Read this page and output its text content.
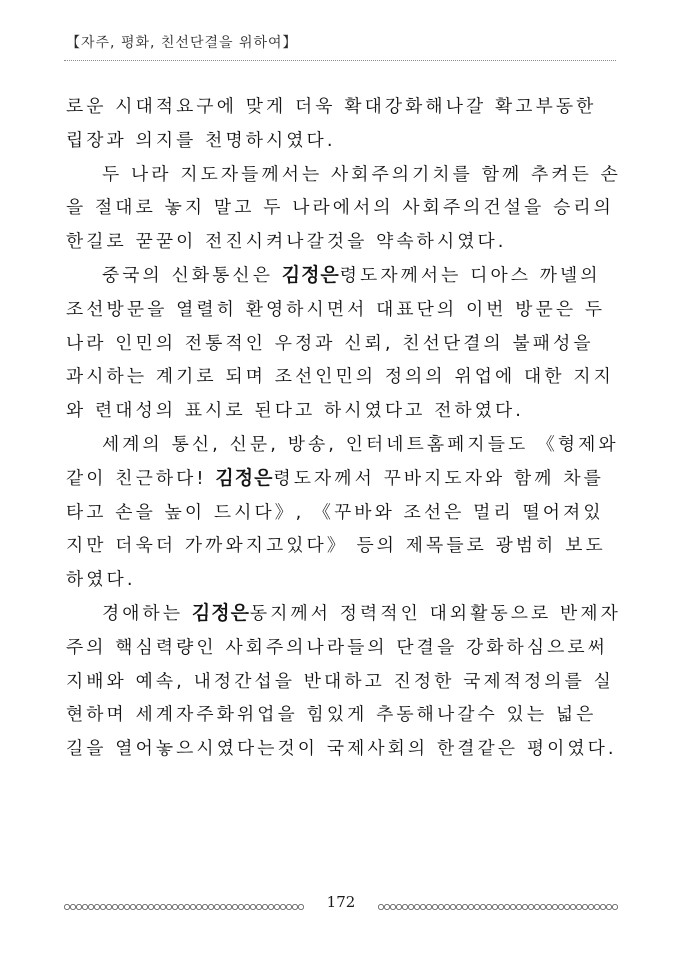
【자주, 평화, 친선단결을 위하여】

로운 시대적요구에 맞게 더욱 확대강화해나갈 확고부동한
립장과 의지를 천명하시였다.

두 나라 지도자들께서는 사회주의기치를 함께 추켜든 손
을 절대로 놓지 말고 두 나라에서의 사회주의건설을 승리의
한길로 꾿꾿이 전진시켜나갈것을 약속하시였다.

중국의 신화통신은 김정은령도자께서는 디아스 까넬의
조선방문을 열렬히 환영하시면서 대표단의 이번 방문은 두
나라 인민의 전통적인 우정과 신뢰, 친선단결의 불패성을
과시하는 계기로 되며 조선인민의 정의의 위업에 대한 지지
와 련대성의 표시로 된다고 하시였다고 전하였다.

세계의 통신, 신문, 방송, 인터네트홈페지들도 《형제와
같이 친근하다! 김정은령도자께서 꾸바지도자와 함께 차를
타고 손을 높이 드시다》, 《꾸바와 조선은 멀리 떨어져있
지만 더욱더 가까와지고있다》 등의 제목들로 광범히 보도
하였다.

경애하는 김정은동지께서 정력적인 대외활동으로 반제자
주의 핵심력량인 사회주의나라들의 단결을 강화하심으로써
지배와 예속, 내정간섭을 반대하고 진정한 국제적정의를 실
현하며 세계자주화위업을 힘있게 추동해나갈수 있는 넓은
길을 열어놓으시였다는것이 국제사회의 한결같은 평이였다.

172
